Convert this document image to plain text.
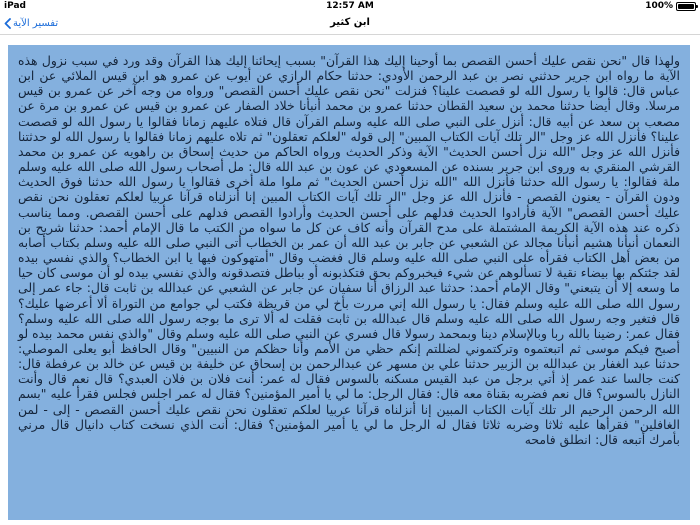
iPad	12:57 AM	100%
تفسير الآية	ابن كثير

ولهذا قال "نحن نقص عليك أحسن القصص بما أوحينا إليك هذا القرآن" بسبب إيحائنا إليك هذا القرآن وقد ورد في سبب نزول هذه الآية ما رواه ابن جرير حدثني نصر بن عبد الرحمن الأودي: حدثنا حكام الرازي عن أيوب عن عمرو هو ابن قيس الملائي عن ابن عباس قال: قالوا يا رسول الله لو قصصت علينا؟ فنزلت "نحن نقص عليك أحسن القصص" ورواه من وجه آخر عن عمرو بن قيس مرسلا. وقال أيضا حدثنا محمد بن سعيد القطان حدثنا عمرو بن محمد أنبأنا خلاد الصفار عن عمرو بن قيس عن عمرو بن مرة عن مصعب بن سعد عن أبيه قال: أنزل على النبي صلى الله عليه وسلم القرآن قال فتلاه عليهم زمانا فقالوا يا رسول الله لو قصصت علينا؟ فأنزل الله عز وجل "الر تلك آيات الكتاب المبين" إلى قوله "لعلكم تعقلون" ثم تلاه عليهم زمانا فقالوا يا رسول الله لو حدثتنا فأنزل الله عز وجل "الله نزل أحسن الحديث" الآية وذكر الحديث ورواه الحاكم من حديث إسحاق بن راهويه عن عمرو بن محمد القرشي المنقري به وروى ابن جرير بسنده عن المسعودي عن عون بن عبد الله قال: مل أصحاب رسول الله صلى الله عليه وسلم ملة فقالوا: يا رسول الله حدثنا فأنزل الله "الله نزل أحسن الحديث" ثم ملوا ملة أخرى فقالوا يا رسول الله حدثنا فوق الحديث ودون القرآن - يعنون القصص - فأنزل الله عز وجل "الر تلك آيات الكتاب المبين إنا أنزلناه قرآنا عربيا لعلكم تعقلون نحن نقص عليك أحسن القصص" الآية فأرادوا الحديث فدلهم على أحسن الحديث وأرادوا القصص فدلهم على أحسن القصص. ومما يناسب ذكره عند هذه الآية الكريمة المشتملة على مدح القرآن وأنه كاف عن كل ما سواه من الكتب ما قال الإمام أحمد: حدثنا شريح بن النعمان أنبأنا هشيم أنبأنا مجالد عن الشعبي عن جابر بن عبد الله أن عمر بن الخطاب أتى النبي صلى الله عليه وسلم بكتاب أصابه من بعض أهل الكتاب فقرأه على النبي صلى الله عليه وسلم قال فغضب وقال "أمتهوكون فيها يا ابن الخطاب؟ والذي نفسي بيده لقد جئتكم بها بيضاء نقية لا تسألوهم عن شيء فيخبروكم بحق فتكذبونه أو بباطل فتصدقونه والذي نفسي بيده لو أن موسى كان حيا ما وسعه إلا أن يتبعني" وقال الإمام أحمد: حدثنا عبد الرزاق أنا سفيان عن جابر عن الشعبي عن عبدالله بن ثابت قال: جاء عمر إلى رسول الله صلى الله عليه وسلم فقال: يا رسول الله إني مررت بأخ لي من قريظة فكتب لي جوامع من التوراة ألا أعرضها عليك؟ قال فتغير وجه رسول الله صلى الله عليه وسلم قال عبدالله بن ثابت فقلت له ألا ترى ما بوجه رسول الله صلى الله عليه وسلم؟ فقال عمر: رضينا بالله ربا وبالإسلام دينا وبمحمد رسولا قال فسري عن النبي صلى الله عليه وسلم وقال "والذي نفس محمد بيده لو أصبح فيكم موسى ثم اتبعتموه وتركتموني لضللتم إنكم حظي من الأمم وأنا حظكم من النبيين" وقال الحافظ أبو يعلى الموصلي: حدثنا عبد الغفار بن عبدالله بن الزبير حدثنا علي بن مسهر عن عبدالرحمن بن إسحاق عن خليفة بن قيس عن خالد بن عرفطة قال: كنت جالسا عند عمر إذ أتي برجل من عبد القيس مسكنه بالسوس فقال له عمر: أنت فلان بن فلان العبدي؟ قال نعم قال وأنت النازل بالسوس؟ قال نعم فضربه بقناة معه قال: فقال الرجل: ما لي يا أمير المؤمنين؟ فقال له عمر اجلس فجلس فقرأ عليه "بسم الله الرحمن الرحيم الر تلك آيات الكتاب المبين إنا أنزلناه قرآنا عربيا لعلكم تعقلون نحن نقص عليك أحسن القصص - إلى - لمن الغافلين" فقرأها عليه ثلاثا وضربه ثلاثا فقال له الرجل ما لي يا أمير المؤمنين؟ فقال: أنت الذي نسخت كتاب دانيال قال مرني بأمرك أتبعه قال: انطلق فامحه
